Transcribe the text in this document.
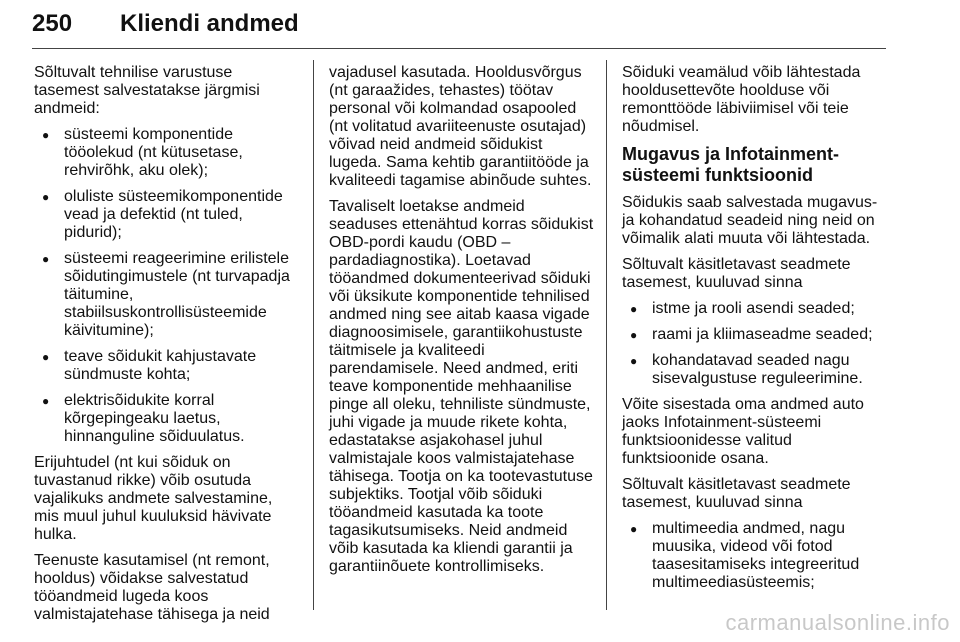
250 Kliendi andmed

Sõltuvalt tehnilise varustuse
tasemest salvestatakse järgmisi
andmeid:

● süsteemi komponentide
tööolekud (nt kütusetase,
rehvirõhk, aku olek);
● oluliste süsteemikomponentide
vead ja defektid (nt tuled,
pidurid);
● süsteemi reageerimine erilistele
sõidutingimustele (nt turvapadja
täitumine,
stabiilsuskontrollisüsteemide
käivitumine);
● teave sõidukit kahjustavate
sündmuste kohta;
● elektrisõidukite korral
kõrgepingeaku laetus,
hinnanguline sõiduulatus.

Erijuhtudel (nt kui sõiduk on
tuvastanud rikke) võib osutuda
vajalikuks andmete salvestamine,
mis muul juhul kuuluksid hävivate
hulka.

Teenuste kasutamisel (nt remont,
hooldus) võidakse salvestatud
tööandmeid lugeda koos
valmistajatehase tähisega ja neid

vajadusel kasutada. Hooldusvõrgus
(nt garaažides, tehastes) töötav
personal või kolmandad osapooled
(nt volitatud avariiteenuste osutajad)
võivad neid andmeid sõidukist
lugeda. Sama kehtib garantiitööde ja
kvaliteedi tagamise abinõude suhtes.

Tavaliselt loetakse andmeid
seaduses ettenähtud korras sõidukist
OBD-pordi kaudu (OBD –
pardadiagnostika). Loetavad
tööandmed dokumenteerivad sõiduki
või üksikute komponentide tehnilised
andmed ning see aitab kaasa vigade
diagnoosimisele, garantiikohustuste
täitmisele ja kvaliteedi
parendamisele. Need andmed, eriti
teave komponentide mehhaanilise
pinge all oleku, tehniliste sündmuste,
juhi vigade ja muude rikete kohta,
edastatakse asjakohasel juhul
valmistajale koos valmistajatehase
tähisega. Tootja on ka tootevastutuse
subjektiks. Tootjal võib sõiduki
tööandmeid kasutada ka toote
tagasikutsumiseks. Neid andmeid
võib kasutada ka kliendi garantii ja
garantiinõuete kontrollimiseks.

Sõiduki veamälud võib lähtestada
hooldusettevõte hoolduse või
remonttööde läbiviimisel või teie
nõudmisel.

Mugavus ja Infotainment-
süsteemi funktsioonid

Sõidukis saab salvestada mugavus-
ja kohandatud seadeid ning neid on
võimalik alati muuta või lähtestada.

Sõltuvalt käsitletavast seadmete
tasemest, kuuluvad sinna

● istme ja rooli asendi seaded;
● raami ja kliimaseadme seaded;
● kohandatavad seaded nagu
sisevalgustuse reguleerimine.

Võite sisestada oma andmed auto
jaoks Infotainment-süsteemi
funktsioonidesse valitud
funktsioonide osana.

Sõltuvalt käsitletavast seadmete
tasemest, kuuluvad sinna

● multimeedia andmed, nagu
muusika, videod või fotod
taasesitamiseks integreeritud
multimeediasüsteemis;
carmanualsonline.info
